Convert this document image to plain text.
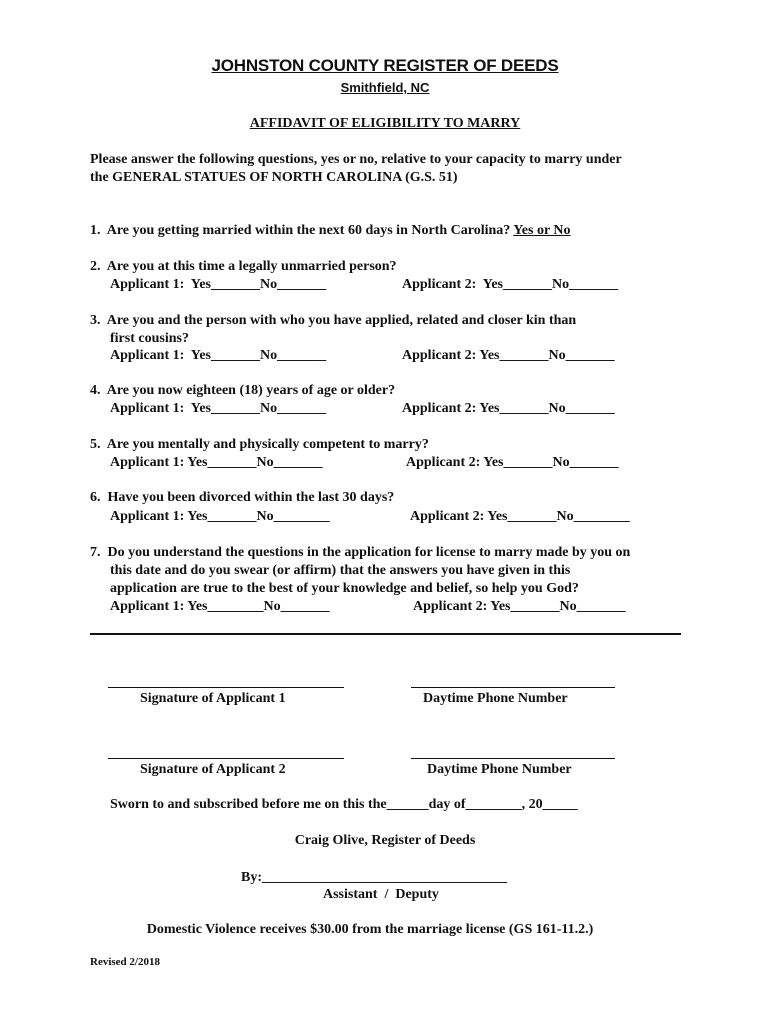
JOHNSTON COUNTY REGISTER OF DEEDS
Smithfield, NC
AFFIDAVIT OF ELIGIBILITY TO MARRY
Please answer the following questions, yes or no, relative to your capacity to marry under
the GENERAL STATUES OF NORTH CAROLINA (G.S. 51)
1.  Are you getting married within the next 60 days in North Carolina? Yes or No
2.  Are you at this time a legally unmarried person?
Applicant 1:  Yes_______No_______	Applicant 2:  Yes_______No_______
3.  Are you and the person with who you have applied, related and closer kin than
first cousins?
Applicant 1:  Yes_______No_______	Applicant 2: Yes_______No_______
4.  Are you now eighteen (18) years of age or older?
Applicant 1:  Yes_______No_______	Applicant 2: Yes_______No_______
5.  Are you mentally and physically competent to marry?
Applicant 1: Yes_______No_______	Applicant 2: Yes_______No_______
6.  Have you been divorced within the last 30 days?
Applicant 1: Yes_______No________	Applicant 2: Yes_______No________
7.  Do you understand the questions in the application for license to marry made by you on
this date and do you swear (or affirm) that the answers you have given in this
application are true to the best of your knowledge and belief, so help you God?
Applicant 1: Yes________No_______	Applicant 2: Yes_______No_______
Signature of Applicant 1	Daytime Phone Number
Signature of Applicant 2	Daytime Phone Number
Sworn to and subscribed before me on this the______day of________, 20_____
Craig Olive, Register of Deeds
By:___________________________________
Assistant  /  Deputy
Domestic Violence receives $30.00 from the marriage license (GS 161-11.2.)
Revised 2/2018
